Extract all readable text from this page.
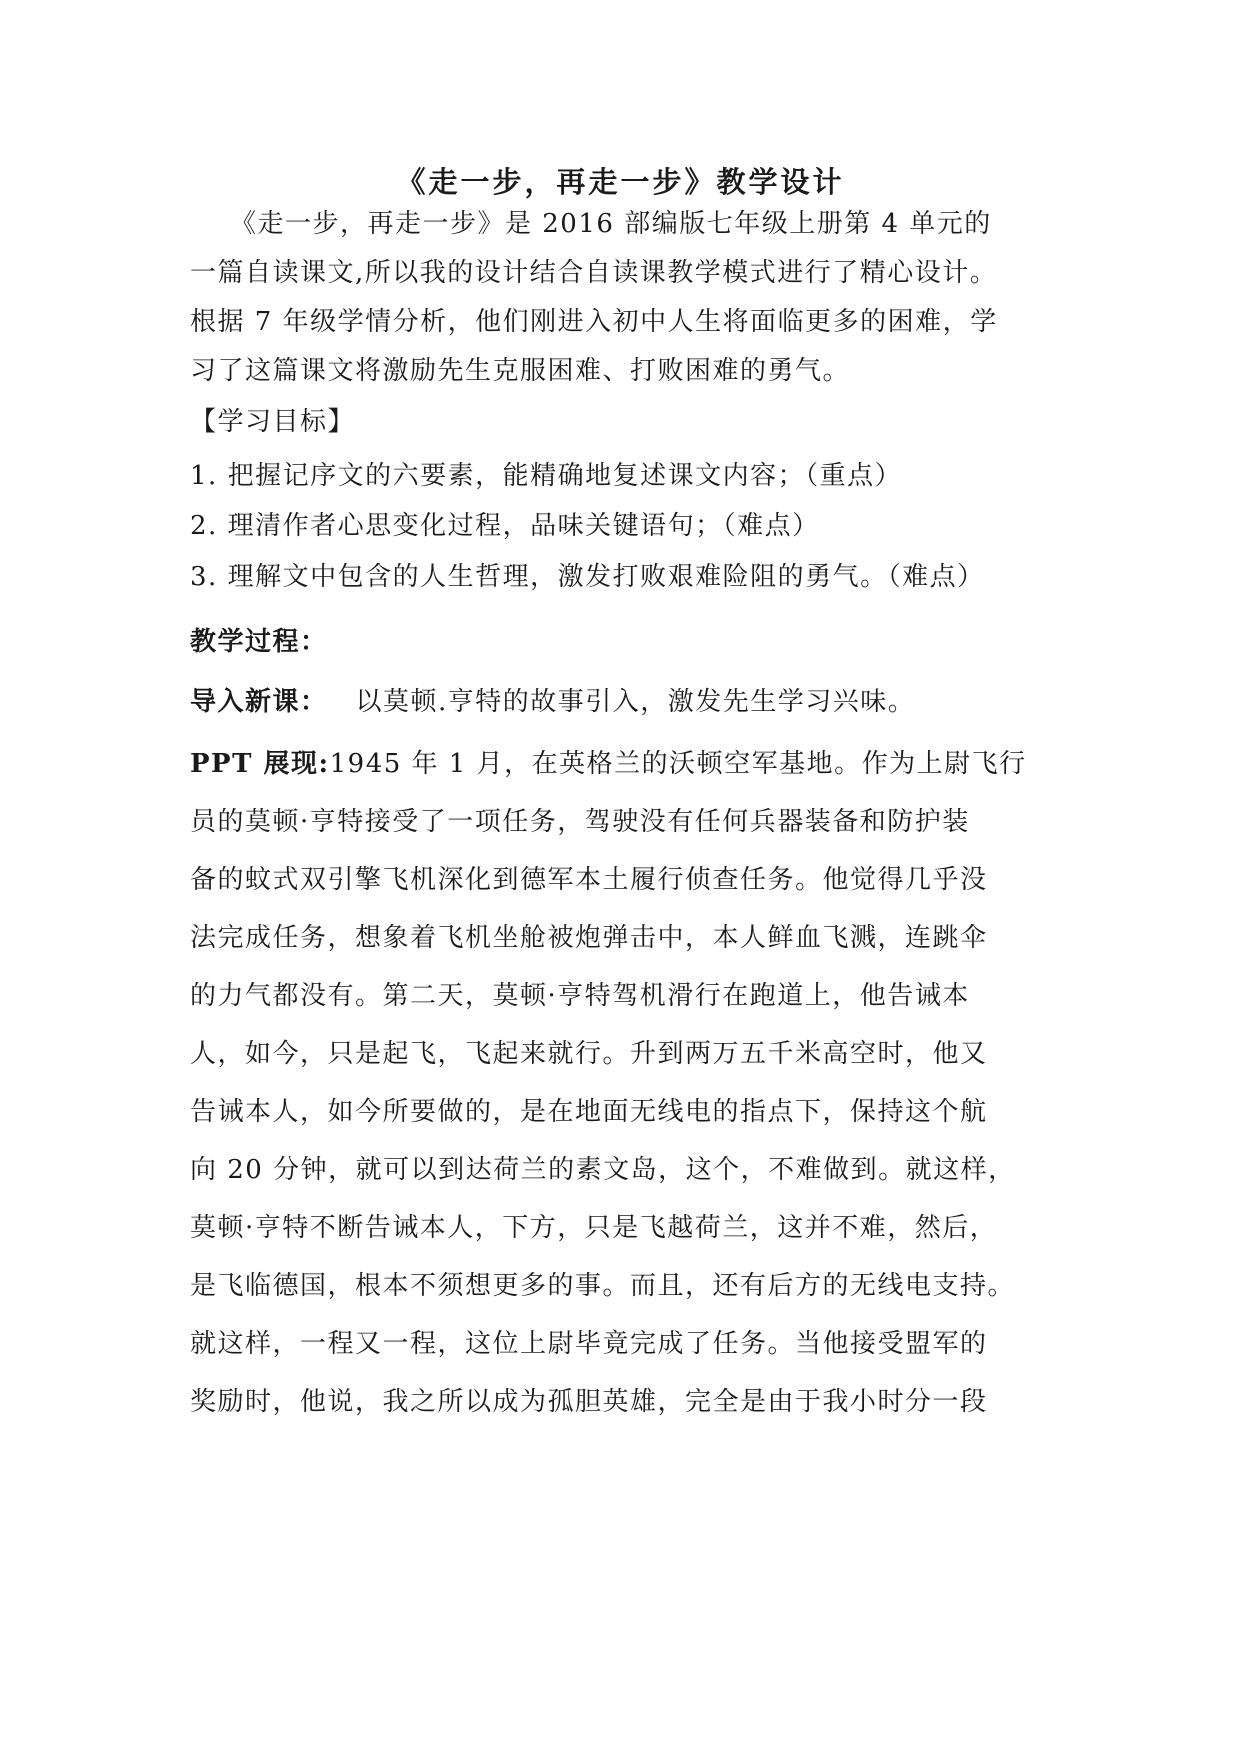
《走一步，再走一步》教学设计
《走一步，再走一步》是 2016 部编版七年级上册第 4 单元的
一篇自读课文,所以我的设计结合自读课教学模式进行了精心设计。
根据 7 年级学情分析，他们刚进入初中人生将面临更多的困难，学
习了这篇课文将激励先生克服困难、打败困难的勇气。
【学习目标】
1. 把握记序文的六要素，能精确地复述课文内容；（重点）
2. 理清作者心思变化过程，品味关键语句；（难点）
3. 理解文中包含的人生哲理，激发打败艰难险阻的勇气。（难点）
教学过程：
导入新课： 以莫顿.亨特的故事引入，激发先生学习兴味。
PPT 展现:1945 年 1 月，在英格兰的沃顿空军基地。作为上尉飞行
员的莫顿·亨特接受了一项任务，驾驶没有任何兵器装备和防护装
备的蚊式双引擎飞机深化到德军本土履行侦查任务。他觉得几乎没
法完成任务，想象着飞机坐舱被炮弹击中，本人鲜血飞溅，连跳伞
的力气都没有。第二天，莫顿·亨特驾机滑行在跑道上，他告诫本
人，如今，只是起飞，飞起来就行。升到两万五千米高空时，他又
告诫本人，如今所要做的，是在地面无线电的指点下，保持这个航
向 20 分钟，就可以到达荷兰的素文岛，这个，不难做到。就这样，
莫顿·亨特不断告诫本人，下方，只是飞越荷兰，这并不难，然后，
是飞临德国，根本不须想更多的事。而且，还有后方的无线电支持。
就这样，一程又一程，这位上尉毕竟完成了任务。当他接受盟军的
奖励时，他说，我之所以成为孤胆英雄，完全是由于我小时分一段
